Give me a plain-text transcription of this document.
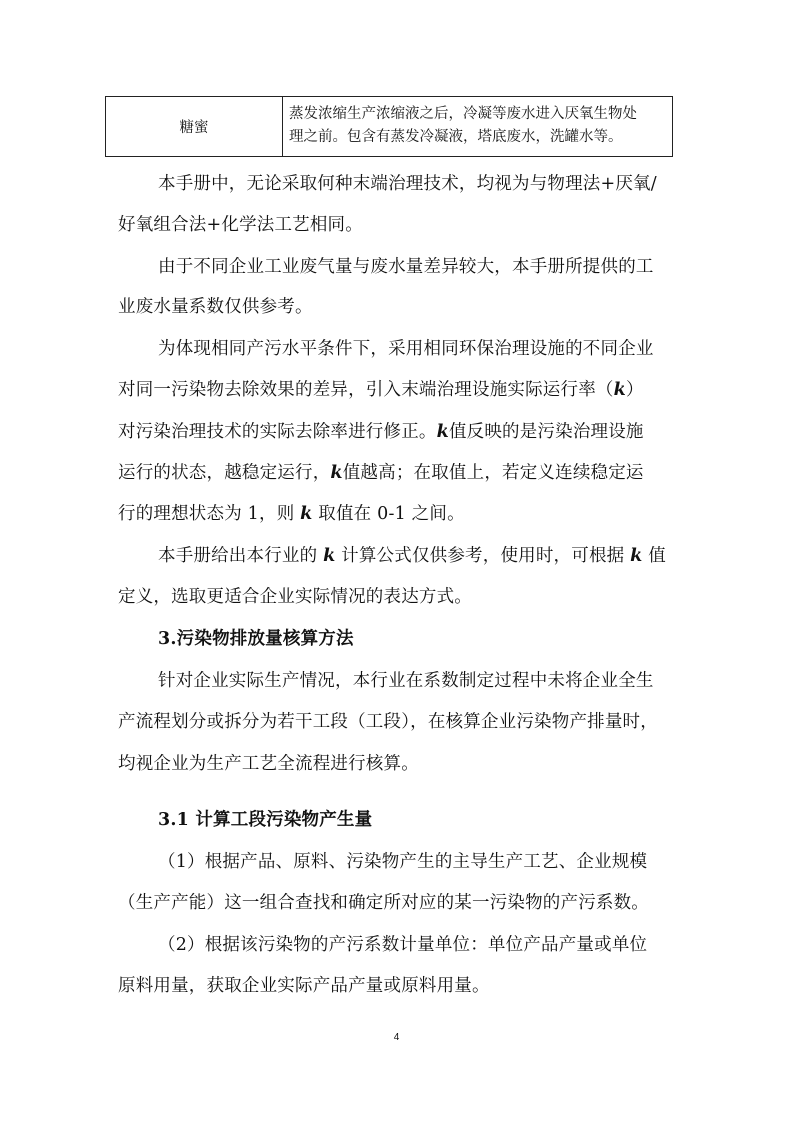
糖蜜
蒸发浓缩生产浓缩液之后，冷凝等废水进入厌氧生物处
理之前。包含有蒸发冷凝液，塔底废水，洗罐水等。
本手册中，无论采取何种末端治理技术，均视为与物理法+厌氧/
好氧组合法+化学法工艺相同。
由于不同企业工业废气量与废水量差异较大，本手册所提供的工
业废水量系数仅供参考。
为体现相同产污水平条件下，采用相同环保治理设施的不同企业
对同一污染物去除效果的差异，引入末端治理设施实际运行率（k）
对污染治理技术的实际去除率进行修正。k值反映的是污染治理设施
运行的状态，越稳定运行，k值越高；在取值上，若定义连续稳定运
行的理想状态为 1，则 k 取值在 0-1 之间。
本手册给出本行业的 k 计算公式仅供参考，使用时，可根据 k 值
定义，选取更适合企业实际情况的表达方式。
3.污染物排放量核算方法
针对企业实际生产情况，本行业在系数制定过程中未将企业全生
产流程划分或拆分为若干工段（工段），在核算企业污染物产排量时，
均视企业为生产工艺全流程进行核算。
3.1 计算工段污染物产生量
（1）根据产品、原料、污染物产生的主导生产工艺、企业规模
（生产产能）这一组合查找和确定所对应的某一污染物的产污系数。
（2）根据该污染物的产污系数计量单位：单位产品产量或单位
原料用量，获取企业实际产品产量或原料用量。
4
